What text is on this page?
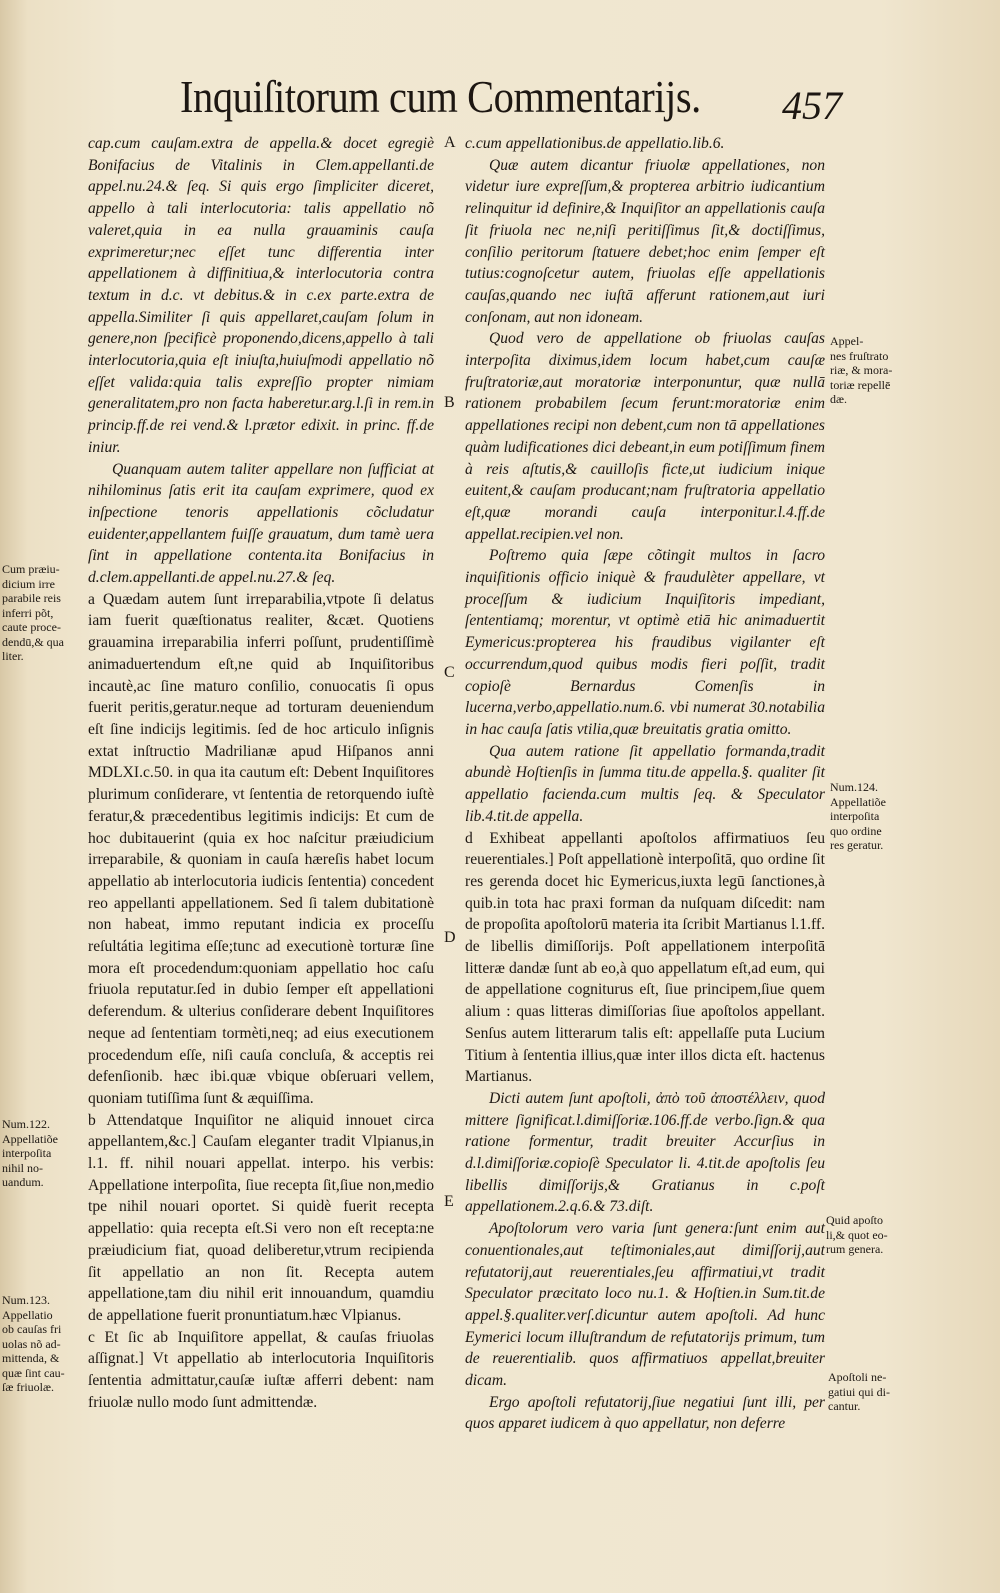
Inquiſitorum cum Commentarijs. 457
A
B
C
D
E

cap.cum cauſam.extra de appella.& docet egregiè Bonifacius de Vitalinis in Clem.appellanti.de appel.nu.24.& ſeq. Si quis ergo ſimpliciter diceret, appello à tali interlocutoria: talis appellatio nõ valeret,quia in ea nulla grauaminis cauſa exprimeretur;nec eſſet tunc differentia inter appellationem à diffinitiua,& interlocutoria contra textum in d.c. vt debitus.& in c.ex parte.extra de appella.Similiter ſi quis appellaret,cauſam ſolum in genere,non ſpecificè proponendo,dicens,appello à tali interlocutoria,quia eſt iniuſta,huiuſmodi appellatio nõ eſſet valida:quia talis expreſſio propter nimiam generalitatem,pro non facta haberetur.arg.l.ſi in rem.in princip.ff.de rei vend.& l.prætor edixit. in princ. ff.de iniur.

Quanquam autem taliter appellare non ſufficiat at nihilominus ſatis erit ita cauſam exprimere, quod ex inſpectione tenoris appellationis cõcludatur euidenter,appellantem fuiſſe grauatum, dum tamè uera ſint in appellatione contenta.ita Bonifacius in d.clem.appellanti.de appel.nu.27.& ſeq.

a Quædam autem ſunt irreparabilia,vtpote ſi delatus iam fuerit quæſtionatus realiter, &cæt. Quotiens grauamina irreparabilia inferri poſſunt, prudentiſſimè animaduertendum eſt,ne quid ab Inquiſitoribus incautè,ac ſine maturo conſilio, conuocatis ſi opus fuerit peritis,geratur.neque ad torturam deueniendum eſt ſine indicijs legitimis. ſed de hoc articulo inſignis extat inſtructio Madrilianæ apud Hiſpanos anni MDLXI.c.50. in qua ita cautum eſt: Debent Inquiſitores plurimum conſiderare, vt ſententia de retorquendo iuſtè feratur,& præcedentibus legitimis indicijs: Et cum de hoc dubitauerint (quia ex hoc naſcitur præiudicium irreparabile, & quoniam in cauſa hæreſis habet locum appellatio ab interlocutoria iudicis ſententia) concedent reo appellanti appellationem. Sed ſi talem dubitationè non habeat, immo reputant indicia ex proceſſu reſultátia legitima eſſe;tunc ad executionè torturæ ſine mora eſt procedendum:quoniam appellatio hoc caſu friuola reputatur.ſed in dubio ſemper eſt appellationi deferendum. & ulterius conſiderare debent Inquiſitores neque ad ſententiam tormèti,neq; ad eius executionem procedendum eſſe, niſi cauſa concluſa, & acceptis rei defenſionib. hæc ibi.quæ vbique obſeruari vellem, quoniam tutiſſima ſunt & æquiſſima.

b Attendatque Inquiſitor ne aliquid innouet circa appellantem,&c.] Cauſam eleganter tradit Vlpianus,in l.1. ff. nihil nouari appellat. interpo. his verbis: Appellatione interpoſita, ſiue recepta ſit,ſiue non,medio tpe nihil nouari oportet. Si quidè fuerit recepta appellatio: quia recepta eſt.Si vero non eſt recepta:ne præiudicium fiat, quoad deliberetur,vtrum recipienda ſit appellatio an non ſit. Recepta autem appellatione,tam diu nihil erit innouandum, quamdiu de appellatione fuerit pronuntiatum.hæc Vlpianus.

c Et ſic ab Inquiſitore appellat, & cauſas friuolas aſſignat.] Vt appellatio ab interlocutoria Inquiſitoris ſententia admittatur,cauſæ iuſtæ afferri debent: nam friuolæ nullo modo ſunt admittendæ.

c.cum appellationibus.de appellatio.lib.6.

Quæ autem dicantur friuolæ appellationes, non videtur iure expreſſum,& propterea arbitrio iudicantium relinquitur id definire,& Inquiſitor an appellationis cauſa ſit friuola nec ne,niſi peritiſſimus ſit,& doctiſſimus, conſilio peritorum ſtatuere debet;hoc enim ſemper eſt tutius:cognoſcetur autem, friuolas eſſe appellationis cauſas,quando nec iuſtā afferunt rationem,aut iuri conſonam, aut non idoneam.

Quod vero de appellatione ob friuolas cauſas interpoſita diximus,idem locum habet,cum cauſæ fruſtratoriæ,aut moratoriæ interponuntur, quæ nullā rationem probabilem ſecum ferunt:moratoriæ enim appellationes recipi non debent,cum non tā appellationes quàm ludificationes dici debeant,in eum potiſſimum finem à reis aſtutis,& cauilloſis ficte,ut iudicium inique euitent,& cauſam producant;nam fruſtratoria appellatio eſt,quæ morandi cauſa interponitur.l.4.ff.de appellat.recipien.vel non.

Poſtremo quia ſæpe cõtingit multos in ſacro inquiſitionis officio iniquè & fraudulèter appellare, vt proceſſum & iudicium Inquiſitoris impediant, ſententiamq; morentur, vt optimè etiā hic animaduertit Eymericus:propterea his fraudibus vigilanter eſt occurrendum,quod quibus modis fieri poſſit, tradit copioſè Bernardus Comenſis in lucerna,verbo,appellatio.num.6. vbi numerat 30.notabilia in hac cauſa ſatis vtilia,quæ breuitatis gratia omitto.

Qua autem ratione ſit appellatio formanda,tradit abundè Hoſtienſis in ſumma titu.de appella.§. qualiter ſit appellatio facienda.cum multis ſeq. & Speculator lib.4.tit.de appella.

d Exhibeat appellanti apoſtolos affirmatiuos ſeu reuerentiales.] Poſt appellationè interpoſitā, quo ordine ſit res gerenda docet hic Eymericus,iuxta legū ſanctiones,à quib.in tota hac praxi forman da nuſquam diſcedit: nam de propoſita apoſtolorū materia ita ſcribit Martianus l.1.ff. de libellis dimiſſorijs. Poſt appellationem interpoſitā litteræ dandæ ſunt ab eo,à quo appellatum eſt,ad eum, qui de appellatione cogniturus eſt, ſiue principem,ſiue quem alium : quas litteras dimiſſorias ſiue apoſtolos appellant. Senſus autem litterarum talis eſt: appellaſſe puta Lucium Titium à ſententia illius,quæ inter illos dicta eſt. hactenus Martianus.

Dicti autem ſunt apoſtoli, ἀπὸ τοῦ ἀποστέλλειν, quod mittere ſignificat.l.dimiſſoriæ.106.ff.de verbo.ſign.& qua ratione formentur, tradit breuiter Accurſius in d.l.dimiſſoriæ.copioſè Speculator li. 4.tit.de apoſtolis ſeu libellis dimiſſorijs,& Gratianus in c.poſt appellationem.2.q.6.& 73.diſt.

Apoſtolorum vero varia ſunt genera:ſunt enim aut conuentionales,aut teſtimoniales,aut dimiſſorij,aut refutatorij,aut reuerentiales,ſeu affirmatiui,vt tradit Speculator præcitato loco nu.1. & Hoſtien.in Sum.tit.de appel.§.qualiter.verſ.dicuntur autem apoſtoli. Ad hunc Eymerici locum illuſtrandum de refutatorijs primum, tum de reuerentialib. quos affirmatiuos appellat,breuiter dicam.

Ergo apoſtoli refutatorij,ſiue negatiui ſunt illi, per quos apparet iudicem à quo appellatur, non deferre

Cum præiu-
dicium irre
parabile reis
inferri põt,
caute proce-
dendū,& qua
liter.
Num.122.
Appellatiõe
interpoſita
nihil no-
uandum.
Num.123.
Appellatio
ob cauſas fri
uolas nõ ad-
mittenda, &
quæ ſint cau-
ſæ friuolæ.
Appel-
nes fruſtrato
riæ, & mora-
toriæ repellē
dæ.
Num.124.
Appellatiõe
interpoſita
quo ordine
res geratur.
Quid apoſto
li,& quot eo-
rum genera.
Apoſtoli ne-
gatiui qui di-
cantur.
